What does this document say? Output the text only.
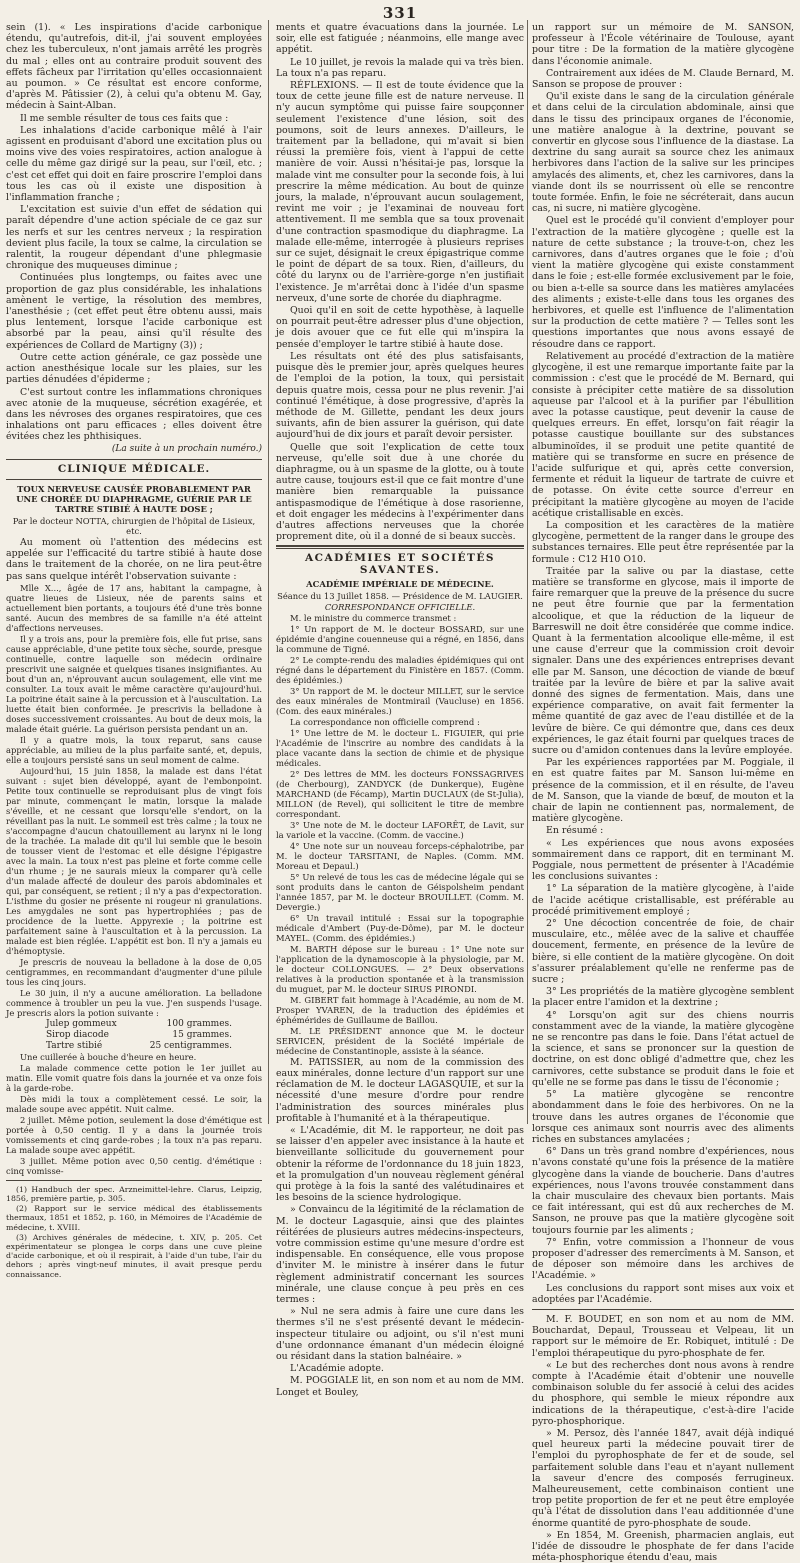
331

sein (1). « Les inspirations d'acide carbonique étendu, qu'autrefois, dit-il, j'ai souvent employées chez les tuberculeux, n'ont jamais arrêté les progrès du mal ; elles ont au contraire produit souvent des effets fâcheux par l'irritation qu'elles occasionnaient au poumon. » Ce résultat est encore conforme, d'après M. Pâtissier (2), à celui qu'a obtenu M. Gay, médecin à Saint-Alban.

Il me semble résulter de tous ces faits que :

Les inhalations d'acide carbonique mêlé à l'air agissent en produisant d'abord une excitation plus ou moins vive des voies respiratoires, action analogue à celle du même gaz dirigé sur la peau, sur l'œil, etc. ; c'est cet effet qui doit en faire proscrire l'emploi dans tous les cas où il existe une disposition à l'inflammation franche ;

L'excitation est suivie d'un effet de sédation qui paraît dépendre d'une action spéciale de ce gaz sur les nerfs et sur les centres nerveux ; la respiration devient plus facile, la toux se calme, la circulation se ralentit, la rougeur dépendant d'une phlegmasie chronique des muqueuses diminue ;

Continuées plus longtemps, ou faites avec une proportion de gaz plus considérable, les inhalations amènent le vertige, la résolution des membres, l'anesthésie ; (cet effet peut être obtenu aussi, mais plus lentement, lorsque l'acide carbonique est absorbé par la peau, ainsi qu'il résulte des expériences de Collard de Martigny (3)) ;

Outre cette action générale, ce gaz possède une action anesthésique locale sur les plaies, sur les parties dénudées d'épiderme ;

C'est surtout contre les inflammations chroniques avec atonie de la muqueuse, sécrétion exagérée, et dans les névroses des organes respiratoires, que ces inhalations ont paru efficaces ; elles doivent être évitées chez les phthisiques.

(La suite à un prochain numéro.)
CLINIQUE MÉDICALE.
TOUX NERVEUSE CAUSÉE PROBABLEMENT PAR UNE CHORÉE DU DIAPHRAGME, GUÉRIE PAR LE TARTRE STIBIÉ À HAUTE DOSE ;

Par le docteur NOTTA, chirurgien de l'hôpital de Lisieux, etc.

Au moment où l'attention des médecins est appelée sur l'efficacité du tartre stibié à haute dose dans le traitement de la chorée, on ne lira peut-être pas sans quelque intérêt l'observation suivante :

Mlle X..., âgée de 17 ans, habitant la campagne, à quatre lieues de Lisieux, née de parents sains et actuellement bien portants, a toujours été d'une très bonne santé. Aucun des membres de sa famille n'a été atteint d'affections nerveuses.

Il y a trois ans, pour la première fois, elle fut prise, sans cause appréciable, d'une petite toux sèche, sourde, presque continuelle, contre laquelle son médecin ordinaire prescrivit une saignée et quelques tisanes insignifiantes. Au bout d'un an, n'éprouvant aucun soulagement, elle vint me consulter. La toux avait le même caractère qu'aujourd'hui. La poitrine était saine à la percussion et à l'auscultation. La luette était bien conformée. Je prescrivis la belladone à doses successivement croissantes. Au bout de deux mois, la malade était guérie. La guérison persista pendant un an.

Il y a quatre mois, la toux reparut, sans cause appréciable, au milieu de la plus parfaite santé, et, depuis, elle a toujours persisté sans un seul moment de calme.

Aujourd'hui, 15 juin 1858, la malade est dans l'état suivant : sujet bien développé, ayant de l'embonpoint. Petite toux continuelle se reproduisant plus de vingt fois par minute, commençant le matin, lorsque la malade s'éveille, et ne cessant que lorsqu'elle s'endort, on la réveillant pas la nuit. Le sommeil est très calme ; la toux ne s'accompagne d'aucun chatouillement au larynx ni le long de la trachée. La malade dit qu'il lui semble que le besoin de tousser vient de l'estomac et elle désigne l'épigastre avec la main. La toux n'est pas pleine et forte comme celle d'un rhume ; je ne saurais mieux la comparer qu'à celle d'un malade affecté de douleur des parois abdominales et qui, par conséquent, se retient ; il n'y a pas d'expectoration. L'isthme du gosier ne présente ni rougeur ni granulations. Les amygdales ne sont pas hypertrophiées ; pas de procidence de la luette. Appyrexie ; la poitrine est parfaitement saine à l'auscultation et à la percussion. La malade est bien réglée. L'appétit est bon. Il n'y a jamais eu d'hémoptysie.

Je prescris de nouveau la belladone à la dose de 0,05 centigrammes, en recommandant d'augmenter d'une pilule tous les cinq jours.

Le 30 juin, il n'y a aucune amélioration. La belladone commence à troubler un peu la vue. J'en suspends l'usage. Je prescris alors la potion suivante :

Julep gommeux	100 grammes.
Sirop diacode	15 grammes.
Tartre stibié	25 centigrammes.

Une cuillerée à bouche d'heure en heure.

La malade commence cette potion le 1er juillet au matin. Elle vomit quatre fois dans la journée et va onze fois à la garde-robe.

Dès midi la toux a complètement cessé. Le soir, la malade soupe avec appétit. Nuit calme.

2 juillet. Même potion, seulement la dose d'émétique est portée à 0,50 centig. Il y a dans la journée trois vomissements et cinq garde-robes ; la toux n'a pas reparu. La malade soupe avec appétit.

3 juillet. Même potion avec 0,50 centig. d'émétique : cinq vomisse-

(1) Handbuch der spec. Arzneimittel-lehre. Clarus, Leipzig, 1856, première partie, p. 305.

(2) Rapport sur le service médical des établissements thermaux, 1851 et 1852, p. 160, in Mémoires de l'Académie de médecine, t. XVIII.

(3) Archives générales de médecine, t. XIV, p. 205. Cet expérimentateur se plongea le corps dans une cuve pleine d'acide carbonique, et où il respirait, à l'aide d'un tube, l'air du dehors ; après vingt-neuf minutes, il avait presque perdu connaissance.

ments et quatre évacuations dans la journée. Le soir, elle est fatiguée ; néanmoins, elle mange avec appétit.

Le 10 juillet, je revois la malade qui va très bien. La toux n'a pas reparu.

RÉFLEXIONS. — Il est de toute évidence que la toux de cette jeune fille est de nature nerveuse. Il n'y aucun symptôme qui puisse faire soupçonner seulement l'existence d'une lésion, soit des poumons, soit de leurs annexes. D'ailleurs, le traitement par la belladone, qui m'avait si bien réussi la première fois, vient à l'appui de cette manière de voir. Aussi n'hésitai-je pas, lorsque la malade vint me consulter pour la seconde fois, à lui prescrire la même médication. Au bout de quinze jours, la malade, n'éprouvant aucun soulagement, revint me voir ; je l'examinai de nouveau fort attentivement. Il me sembla que sa toux provenait d'une contraction spasmodique du diaphragme. La malade elle-même, interrogée à plusieurs reprises sur ce sujet, désignait le creux épigastrique comme le point de départ de sa toux. Rien, d'ailleurs, du côté du larynx ou de l'arrière-gorge n'en justifiait l'existence. Je m'arrêtai donc à l'idée d'un spasme nerveux, d'une sorte de chorée du diaphragme.

Quoi qu'il en soit de cette hypothèse, à laquelle on pourrait peut-être adresser plus d'une objection, je dois avouer que ce fut elle qui m'inspira la pensée d'employer le tartre stibié à haute dose.

Les résultats ont été des plus satisfaisants, puisque dès le premier jour, après quelques heures de l'emploi de la potion, la toux, qui persistait depuis quatre mois, cessa pour ne plus revenir. J'ai continué l'émétique, à dose progressive, d'après la méthode de M. Gillette, pendant les deux jours suivants, afin de bien assurer la guérison, qui date aujourd'hui de dix jours et paraît devoir persister.

Quelle que soit l'explication de cette toux nerveuse, qu'elle soit due à une chorée du diaphragme, ou à un spasme de la glotte, ou à toute autre cause, toujours est-il que ce fait montre d'une manière bien remarquable la puissance antispasmodique de l'émétique à dose rasorienne, et doit engager les médecins à l'expérimenter dans d'autres affections nerveuses que la chorée proprement dite, où il a donné de si beaux succès.

ACADÉMIES ET SOCIÉTÉS SAVANTES.
ACADÉMIE IMPÉRIALE DE MÉDECINE.

Séance du 13 Juillet 1858. — Présidence de M. LAUGIER.

CORRESPONDANCE OFFICIELLE.

M. le ministre du commerce transmet :

1° Un rapport de M. le docteur BOSSARD, sur une épidémie d'angine couenneuse qui a régné, en 1856, dans la commune de Tigné.

2° Le compte-rendu des maladies épidémiques qui ont régné dans le département du Finistère en 1857. (Comm. des épidémies.)

3° Un rapport de M. le docteur MILLET, sur le service des eaux minérales de Montmirail (Vaucluse) en 1856. (Com. des eaux minérales.)

La correspondance non officielle comprend :

1° Une lettre de M. le docteur L. FIGUIER, qui prie l'Académie de l'inscrire au nombre des candidats à la place vacante dans la section de chimie et de physique médicales.

2° Des lettres de MM. les docteurs FONSSAGRIVES (de Cherbourg), ZANDYCK (de Dunkerque), Eugène MARCHAND (de Fécamp), Martin DUCLAUX (de St-Julia), MILLON (de Revel), qui sollicitent le titre de membre correspondant.

3° Une note de M. le docteur LAFORÊT, de Lavit, sur la variole et la vaccine. (Comm. de vaccine.)

4° Une note sur un nouveau forceps-céphalotribe, par M. le docteur TARSITANI, de Naples. (Comm. MM. Moreau et Depaul.)

5° Un relevé de tous les cas de médecine légale qui se sont produits dans le canton de Géispolsheim pendant l'année 1857, par M. le docteur BROUILLET. (Comm. M. Devergie.)

6° Un travail intitulé : Essai sur la topographie médicale d'Ambert (Puy-de-Dôme), par M. le docteur MAYEL. (Comm. des épidémies.)

M. BARTH dépose sur le bureau : 1° Une note sur l'application de la dynamoscopie à la physiologie, par M. le docteur COLLONGUES. — 2° Deux observations relatives à la production spontanée et à la transmission du muguet, par M. le docteur SIRUS PIRONDI.

M. GIBERT fait hommage à l'Académie, au nom de M. Prosper YVAREN, de la traduction des épidémies et éphémérides de Guillaume de Baillou.

M. LE PRÉSIDENT annonce que M. le docteur SERVICEN, président de la Société impériale de médecine de Constantinople, assiste à la séance.

M. PATISSIER, au nom de la commission des eaux minérales, donne lecture d'un rapport sur une réclamation de M. le docteur LAGASQUIE, et sur la nécessité d'une mesure d'ordre pour rendre l'administration des sources minérales plus profitable à l'humanité et à la thérapeutique.

« L'Académie, dit M. le rapporteur, ne doit pas se laisser d'en appeler avec insistance à la haute et bienveillante sollicitude du gouvernement pour obtenir la réforme de l'ordonnance du 18 juin 1823, et la promulgation d'un nouveau règlement général qui protège à la fois la santé des valétudinaires et les besoins de la science hydrologique.

» Convaincu de la légitimité de la réclamation de M. le docteur Lagasquie, ainsi que des plaintes réitérées de plusieurs autres médecins-inspecteurs, votre commission estime qu'une mesure d'ordre est indispensable. En conséquence, elle vous propose d'inviter M. le ministre à insérer dans le futur règlement administratif concernant les sources minérale, une clause conçue à peu près en ces termes :

» Nul ne sera admis à faire une cure dans les thermes s'il ne s'est présenté devant le médecin-inspecteur titulaire ou adjoint, ou s'il n'est muni d'une ordonnance émanant d'un médecin éloigné ou résidant dans la station balnéaire. »

L'Académie adopte.

M. POGGIALE lit, en son nom et au nom de MM. Longet et Bouley,

un rapport sur un mémoire de M. SANSON, professeur à l'École vétérinaire de Toulouse, ayant pour titre : De la formation de la matière glycogène dans l'économie animale.

Contrairement aux idées de M. Claude Bernard, M. Sanson se propose de prouver :

Qu'il existe dans le sang de la circulation générale et dans celui de la circulation abdominale, ainsi que dans le tissu des principaux organes de l'économie, une matière analogue à la dextrine, pouvant se convertir en glycose sous l'influence de la diastase. La dextrine du sang aurait sa source chez les animaux herbivores dans l'action de la salive sur les principes amylacés des aliments, et, chez les carnivores, dans la viande dont ils se nourrissent où elle se rencontre toute formée. Enfin, le foie ne sécréterait, dans aucun cas, ni sucre, ni matière glycogène.

Quel est le procédé qu'il convient d'employer pour l'extraction de la matière glycogène ; quelle est la nature de cette substance ; la trouve-t-on, chez les carnivores, dans d'autres organes que le foie ; d'où vient la matière glycogène qui existe constamment dans le foie ; est-elle formée exclusivement par le foie, ou bien a-t-elle sa source dans les matières amylacées des aliments ; existe-t-elle dans tous les organes des herbivores, et quelle est l'influence de l'alimentation sur la production de cette matière ? — Telles sont les questions importantes que nous avons essayé de résoudre dans ce rapport.

Relativement au procédé d'extraction de la matière glycogène, il est une remarque importante faite par la commission : c'est que le procédé de M. Bernard, qui consiste à précipiter cette matière de sa dissolution aqueuse par l'alcool et à la purifier par l'ébullition avec la potasse caustique, peut devenir la cause de quelques erreurs. En effet, lorsqu'on fait réagir la potasse caustique bouillante sur des substances albuminoïdes, il se produit une petite quantité de matière qui se transforme en sucre en présence de l'acide sulfurique et qui, après cette conversion, fermente et réduit la liqueur de tartrate de cuivre et de potasse. On évite cette source d'erreur en précipitant la matière glycogène au moyen de l'acide acétique cristallisable en excès.

La composition et les caractères de la matière glycogène, permettent de la ranger dans le groupe des substances ternaires. Elle peut être représentée par la formule : C12 H10 O10.

Traitée par la salive ou par la diastase, cette matière se transforme en glycose, mais il importe de faire remarquer que la preuve de la présence du sucre ne peut être fournie que par la fermentation alcoolique, et que la réduction de la liqueur de Barreswill ne doit être considérée que comme indice. Quant à la fermentation alcoolique elle-même, il est une cause d'erreur que la commission croit devoir signaler. Dans une des expériences entreprises devant elle par M. Sanson, une décoction de viande de bœuf traitée par la levûre de bière et par la salive avait donné des signes de fermentation. Mais, dans une expérience comparative, on avait fait fermenter la même quantité de gaz avec de l'eau distillée et de la levûre de bière. Ce qui démontre que, dans ces deux expériences, le gaz était fourni par quelques traces de sucre ou d'amidon contenues dans la levûre employée.

Par les expériences rapportées par M. Poggiale, il en est quatre faites par M. Sanson lui-même en présence de la commission, et il en résulte, de l'aveu de M. Sanson, que la viande de bœuf, de mouton et la chair de lapin ne contiennent pas, normalement, de matière glycogène.

En résumé :

« Les expériences que nous avons exposées sommairement dans ce rapport, dit en terminant M. Poggiale, nous permettent de présenter à l'Académie les conclusions suivantes :

1° La séparation de la matière glycogène, à l'aide de l'acide acétique cristallisable, est préférable au procédé primitivement employé ;

2° Une décoction concentrée de foie, de chair musculaire, etc., mêlée avec de la salive et chauffée doucement, fermente, en présence de la levûre de bière, si elle contient de la matière glycogène. On doit s'assurer préalablement qu'elle ne renferme pas de sucre ;

3° Les propriétés de la matière glycogène semblent la placer entre l'amidon et la dextrine ;

4° Lorsqu'on agit sur des chiens nourris constamment avec de la viande, la matière glycogène ne se rencontre pas dans le foie. Dans l'état actuel de la science, et sans se prononcer sur la question de doctrine, on est donc obligé d'admettre que, chez les carnivores, cette substance se produit dans le foie et qu'elle ne se forme pas dans le tissu de l'économie ;

5° La matière glycogène se rencontre abondamment dans le foie des herbivores. On ne la trouve dans les autres organes de l'économie que lorsque ces animaux sont nourris avec des aliments riches en substances amylacées ;

6° Dans un très grand nombre d'expériences, nous n'avons constaté qu'une fois la présence de la matière glycogène dans la viande de boucherie. Dans d'autres expériences, nous l'avons trouvée constamment dans la chair musculaire des chevaux bien portants. Mais ce fait intéressant, qui est dû aux recherches de M. Sanson, ne prouve pas que la matière glycogène soit toujours fournie par les aliments ;

7° Enfin, votre commission a l'honneur de vous proposer d'adresser des remercîments à M. Sanson, et de déposer son mémoire dans les archives de l'Académie. »

Les conclusions du rapport sont mises aux voix et adoptées par l'Académie.

M. F. BOUDET, en son nom et au nom de MM. Bouchardat, Depaul, Trousseau et Velpeau, lit un rapport sur le mémoire de Er. Robiquet, intitulé : De l'emploi thérapeutique du pyro-phosphate de fer.

« Le but des recherches dont nous avons à rendre compte à l'Académie était d'obtenir une nouvelle combinaison soluble du fer associé à celui des acides du phosphore, qui semble le mieux répondre aux indications de la thérapeutique, c'est-à-dire l'acide pyro-phosphorique.

» M. Persoz, dès l'année 1847, avait déjà indiqué quel heureux parti la médecine pouvait tirer de l'emploi du pyrophosphate de fer et de soude, sel parfaitement soluble dans l'eau et n'ayant nullement la saveur d'encre des composés ferrugineux. Malheureusement, cette combinaison contient une trop petite proportion de fer et ne peut être employée qu'à l'état de dissolution dans l'eau additionnée d'une énorme quantité de pyro-phosphate de soude.

» En 1854, M. Greenish, pharmacien anglais, eut l'idée de dissoudre le phosphate de fer dans l'acide méta-phosphorique étendu d'eau, mais
